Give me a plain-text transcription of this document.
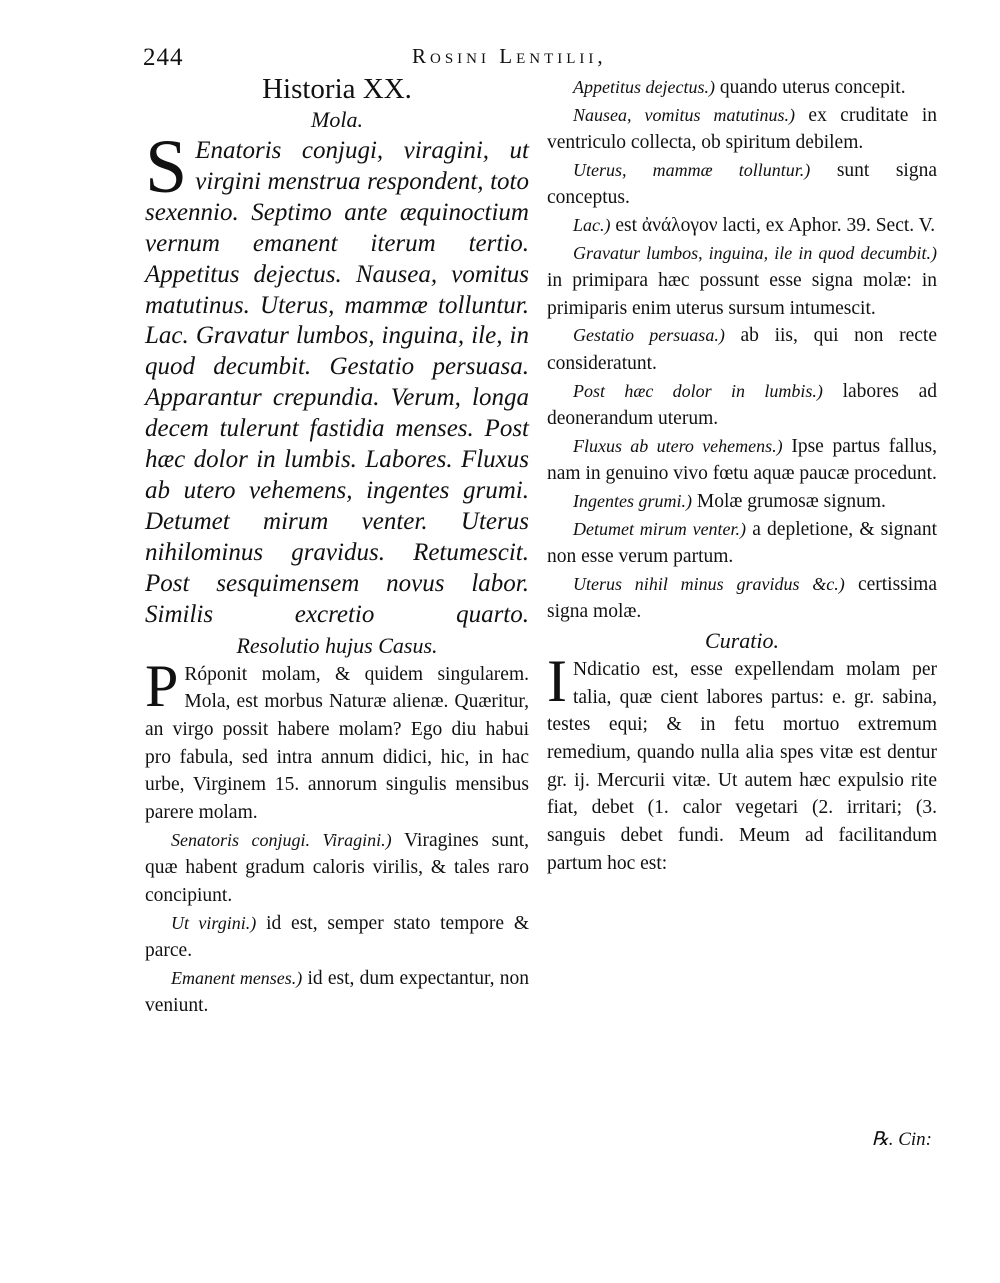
244	Rosini Lentilii,

Historia XX.

Mola.

S Enatoris conjugi, viragini, ut virgini menstrua respondent, toto sexennio. Septimo ante æquinoctium vernum emanent iterum tertio. Appetitus dejectus. Nausea, vomitus matutinus. Uterus, mammæ tolluntur. Lac. Gravatur lumbos, inguina, ile, in quod decumbit. Gestatio persuasa. Apparantur crepundia. Verum, longa decem tulerunt fastidia menses. Post hæc dolor in lumbis. Labores. Fluxus ab utero vehemens, ingentes grumi. Detumet mirum venter. Uterus nihilominus gravidus. Retumescit. Post sesquimensem novus labor. Similis excretio quarto.

Resolutio hujus Casus.

P Róponit molam, & quidem singularem. Mola, est morbus Naturæ alienæ. Quæritur, an virgo possit habere molam? Ego diu habui pro fabula, sed intra annum didici, hic, in hac urbe, Virginem 15. annorum singulis mensibus parere molam.

Senatoris conjugi. Viragini.) Viragines sunt, quæ habent gradum caloris virilis, & tales raro concipiunt.

Ut virgini.) id est, semper stato tempore & parce.

Emanent menses.) id est, dum expectantur, non veniunt.

Appetitus dejectus.) quando uterus concepit.

Nausea, vomitus matutinus.) ex cruditate in ventriculo collecta, ob spiritum debilem.

Uterus, mammæ tolluntur.) sunt signa conceptus.

Lac.) est ἀνάλογον lacti, ex Aphor. 39. Sect. V.

Gravatur lumbos, inguina, ile in quod decumbit.) in primipara hæc possunt esse signa molæ: in primiparis enim uterus sursum intumescit.

Gestatio persuasa.) ab iis, qui non recte consideratunt.

Post hæc dolor in lumbis.) labores ad deonerandum uterum.

Fluxus ab utero vehemens.) Ipse partus fallus, nam in genuino vivo fœtu aquæ paucæ procedunt.

Ingentes grumi.) Molæ grumosæ signum.

Detumet mirum venter.) a depletione, & signant non esse verum partum.

Uterus nihil minus gravidus &c.) certissima signa molæ.

Curatio.

I Ndicatio est, esse expellendam molam per talia, quæ cient labores partus: e. gr. sabina, testes equi; & in fetu mortuo extremum remedium, quando nulla alia spes vitæ est dentur gr. ij. Mercurii vitæ. Ut autem hæc expulsio rite fiat, debet (1. calor vegetari (2. irritari; (3. sanguis debet fundi. Meum ad facilitandum partum hoc est:

℞. Cin:
